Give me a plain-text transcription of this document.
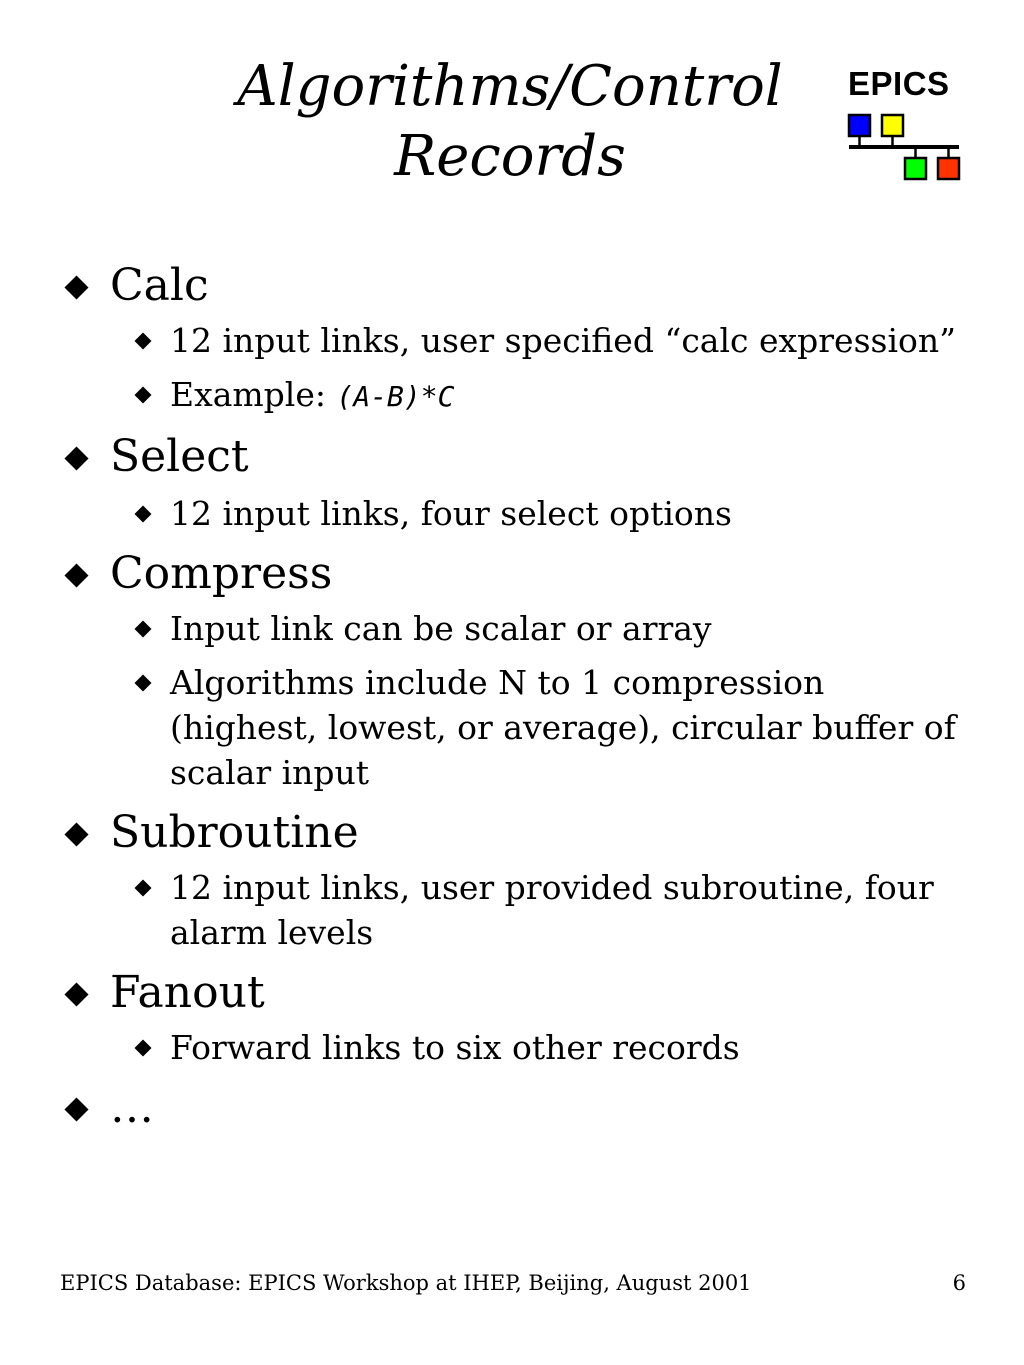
Algorithms/Control
Records
EPICS
Calc
12 input links, user specified “calc expression”
Example: (A-B)*C
Select
12 input links, four select options
Compress
Input link can be scalar or array
Algorithms include N to 1 compression (highest, lowest, or average), circular buffer of scalar input
Subroutine
12 input links, user provided subroutine, four alarm levels
Fanout
Forward links to six other records
…
EPICS Database: EPICS Workshop at IHEP, Beijing, August 2001	6
